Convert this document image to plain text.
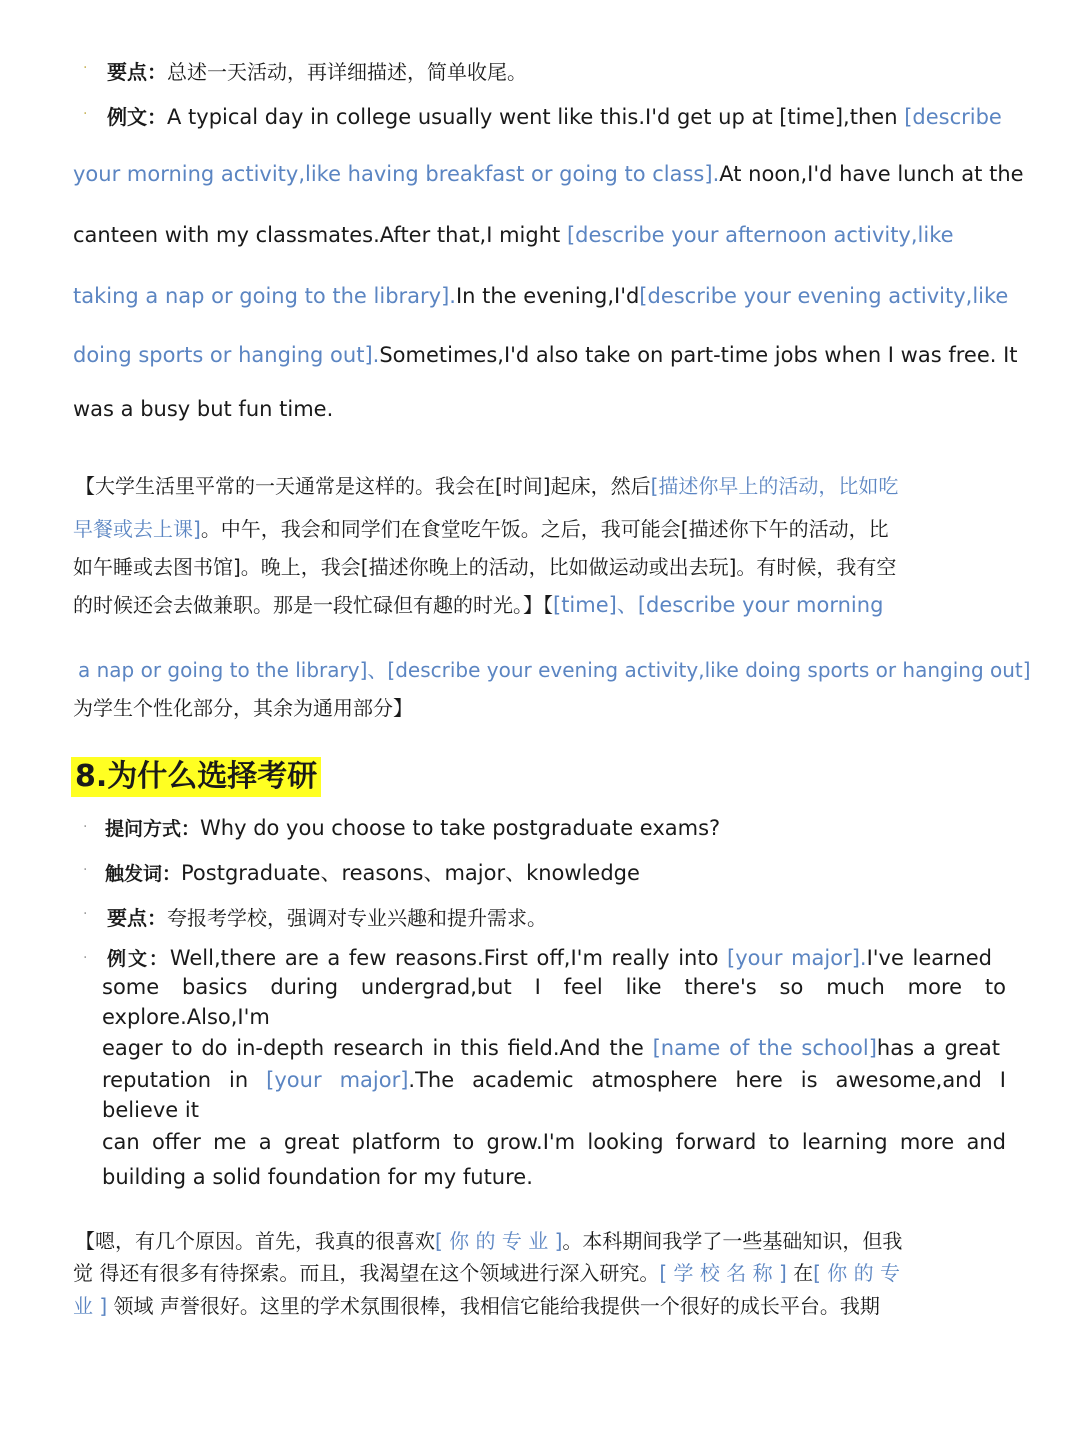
· 要点：总述一天活动，再详细描述，简单收尾。
· 例文：A typical day in college usually went like this.I'd get up at [time],then [describe
your morning activity,like having breakfast or going to class].At noon,I'd have lunch at the
canteen with my classmates.After that,I might [describe your afternoon activity,like
taking a nap or going to the library].In the evening,I'd[describe your evening activity,like
doing sports or hanging out].Sometimes,I'd also take on part-time jobs when I was free. It
was a busy but fun time.
【大学生活里平常的一天通常是这样的。我会在[时间]起床，然后[描述你早上的活动，比如吃
早餐或去上课]。中午，我会和同学们在食堂吃午饭。之后，我可能会[描述你下午的活动，比
如午睡或去图书馆]。晚上，我会[描述你晚上的活动，比如做运动或出去玩]。有时候，我有空
的时候还会去做兼职。那是一段忙碌但有趣的时光。】【[time]、[describe your morning
a nap or going to the library]、[describe your evening activity,like doing sports or hanging out]
为学生个性化部分，其余为通用部分】
8.为什么选择考研
· 提问方式：Why do you choose to take postgraduate exams?
· 触发词：Postgraduate、reasons、major、knowledge
· 要点：夸报考学校，强调对专业兴趣和提升需求。
· 例文：Well,there are a few reasons.First off,I'm really into [your major].I've learned
some basics during undergrad,but I feel like there's so much more to
explore.Also,I'm
eager to do in-depth research in this field.And the [name of the school]has a great
reputation in [your major].The academic atmosphere here is awesome,and I
believe it
can offer me a great platform to grow.I'm looking forward to learning more and
building a solid foundation for my future.
【嗯，有几个原因。首先，我真的很喜欢[ 你 的 专 业 ]。本科期间我学了一些基础知识，但我
觉 得还有很多有待探索。而且，我渴望在这个领域进行深入研究。[ 学 校 名 称 ] 在[ 你 的 专
业 ] 领域 声誉很好。这里的学术氛围很棒，我相信它能给我提供一个很好的成长平台。我期
